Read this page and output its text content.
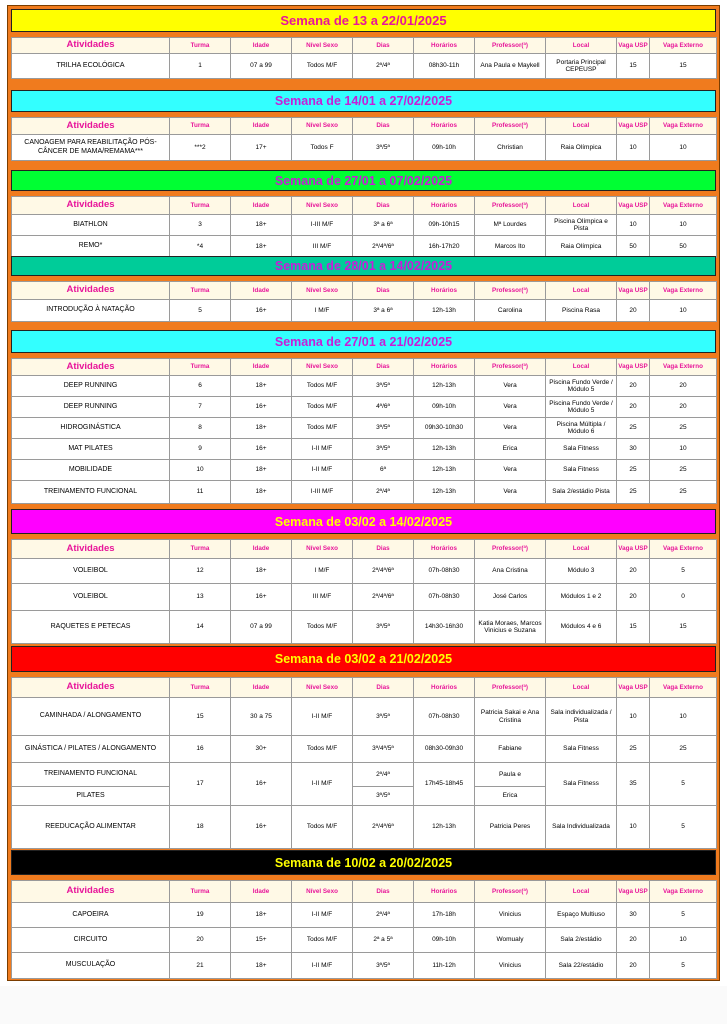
Semana de 13 a 22/01/2025
Atividades	Turma	Idade	Nível Sexo	Dias	Horários	Professor(ª)	Local	Vaga USP	Vaga Externo
TRILHA ECOLÓGICA	1	07 a 99	Todos M/F	2ª/4ª	08h30-11h	Ana Paula e Maykell	Portaria Principal CEPEUSP	15	15
Semana de 14/01 a 27/02/2025
Atividades	Turma	Idade	Nível Sexo	Dias	Horários	Professor(ª)	Local	Vaga USP	Vaga Externo
CANOAGEM PARA REABILITAÇÃO PÓS-CÂNCER DE MAMA/REMAMA***	***2	17+	Todos F	3ª/5ª	09h-10h	Christian	Raia Olímpica	10	10
Semana de 27/01 a 07/02/2025
Atividades	Turma	Idade	Nível Sexo	Dias	Horários	Professor(ª)	Local	Vaga USP	Vaga Externo
BIATHLON	3	18+	I-III M/F	3ª a 6ª	09h-10h15	Mª Lourdes	Piscina Olímpica e Pista	10	10
REMO*	*4	18+	III M/F	2ª/4ª/6ª	16h-17h20	Marcos Ito	Raia Olímpica	50	50
Semana de 28/01 a 14/02/2025
Atividades	Turma	Idade	Nível Sexo	Dias	Horários	Professor(ª)	Local	Vaga USP	Vaga Externo
INTRODUÇÃO À NATAÇÃO	5	16+	I M/F	3ª a 6ª	12h-13h	Carolina	Piscina Rasa	20	10
Semana de 27/01 a 21/02/2025
Atividades	Turma	Idade	Nível Sexo	Dias	Horários	Professor(ª)	Local	Vaga USP	Vaga Externo
DEEP RUNNING	6	18+	Todos M/F	3ª/5ª	12h-13h	Vera	Piscina Fundo Verde / Módulo 5	20	20
DEEP RUNNING	7	16+	Todos M/F	4ª/6ª	09h-10h	Vera	Piscina Fundo Verde / Módulo 5	20	20
HIDROGINÁSTICA	8	18+	Todos M/F	3ª/5ª	09h30-10h30	Vera	Piscina Múltipla / Módulo 6	25	25
MAT PILATES	9	16+	I-II M/F	3ª/5ª	12h-13h	Erica	Sala Fitness	30	10
MOBILIDADE	10	18+	I-II M/F	6ª	12h-13h	Vera	Sala Fitness	25	25
TREINAMENTO FUNCIONAL	11	18+	I-III M/F	2ª/4ª	12h-13h	Vera	Sala 2/estádio Pista	25	25
Semana de 03/02 a 14/02/2025
Atividades	Turma	Idade	Nível Sexo	Dias	Horários	Professor(ª)	Local	Vaga USP	Vaga Externo
VOLEIBOL	12	18+	I M/F	2ª/4ª/6ª	07h-08h30	Ana Cristina	Módulo 3	20	5
VOLEIBOL	13	16+	III M/F	2ª/4ª/6ª	07h-08h30	José Carlos	Módulos 1 e 2	20	0
RAQUETES E PETECAS	14	07 a 99	Todos M/F	3ª/5ª	14h30-16h30	Katia Moraes, Marcos Vinicius e Suzana	Módulos 4 e 6	15	15
Semana de 03/02 a 21/02/2025
Atividades	Turma	Idade	Nível Sexo	Dias	Horários	Professor(ª)	Local	Vaga USP	Vaga Externo
CAMINHADA / ALONGAMENTO	15	30 a 75	I-II M/F	3ª/5ª	07h-08h30	Patricia Sakai e Ana Cristina	Sala individualizada / Pista	10	10
GINÁSTICA / PILATES / ALONGAMENTO	16	30+	Todos M/F	3ª/4ª/5ª	08h30-09h30	Fabiane	Sala Fitness	25	25
TREINAMENTO FUNCIONAL	17	16+	I-II M/F	2ª/4ª	17h45-18h45	Paula e	Sala Fitness	35	5
PILATES				3ª/5ª		Erica			
REEDUCAÇÃO ALIMENTAR	18	16+	Todos M/F	2ª/4ª/6ª	12h-13h	Patricia Peres	Sala Individualizada	10	5
Semana de 10/02 a 20/02/2025
Atividades	Turma	Idade	Nível Sexo	Dias	Horários	Professor(ª)	Local	Vaga USP	Vaga Externo
CAPOEIRA	19	18+	I-II M/F	2ª/4ª	17h-18h	Vinicius	Espaço Multiuso	30	5
CIRCUITO	20	15+	Todos M/F	2ª a 5ª	09h-10h	Womualy	Sala 2/estádio	20	10
MUSCULAÇÃO	21	18+	I-II M/F	3ª/5ª	11h-12h	Vinicius	Sala 22/estádio	20	5
